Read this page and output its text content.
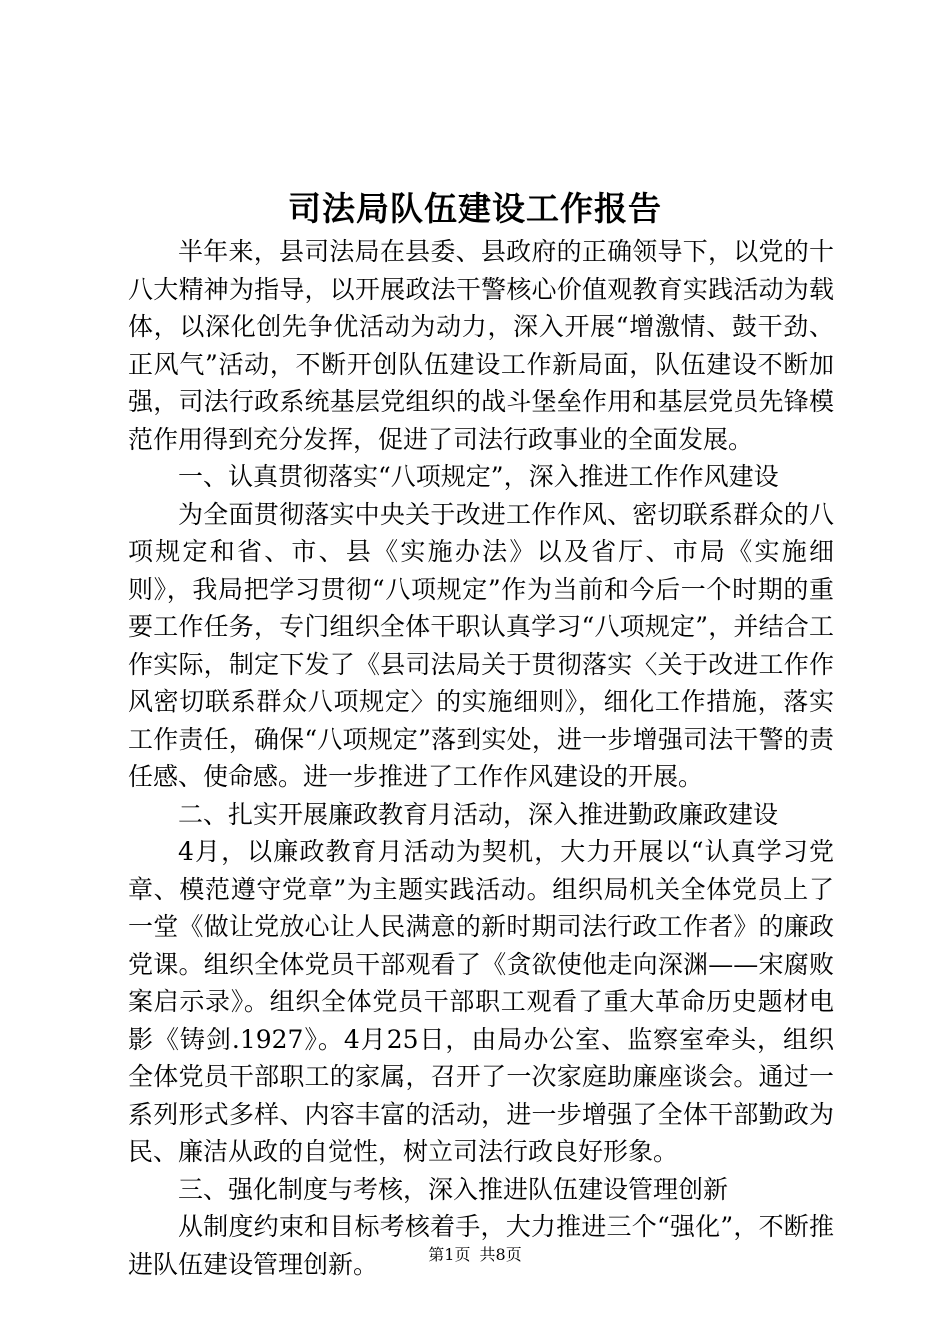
司法局队伍建设工作报告

半年来，县司法局在县委、县政府的正确领导下，以党的十八大精神为指导，以开展政法干警核心价值观教育实践活动为载体，以深化创先争优活动为动力，深入开展“增激情、鼓干劲、正风气”活动，不断开创队伍建设工作新局面，队伍建设不断加强，司法行政系统基层党组织的战斗堡垒作用和基层党员先锋模范作用得到充分发挥，促进了司法行政事业的全面发展。

一、认真贯彻落实“八项规定”，深入推进工作作风建设

为全面贯彻落实中央关于改进工作作风、密切联系群众的八项规定和省、市、县《实施办法》以及省厅、市局《实施细则》，我局把学习贯彻“八项规定”作为当前和今后一个时期的重要工作任务，专门组织全体干职认真学习“八项规定”，并结合工作实际，制定下发了《县司法局关于贯彻落实〈关于改进工作作风密切联系群众八项规定〉的实施细则》，细化工作措施，落实工作责任，确保“八项规定”落到实处，进一步增强司法干警的责任感、使命感。进一步推进了工作作风建设的开展。

二、扎实开展廉政教育月活动，深入推进勤政廉政建设

4月，以廉政教育月活动为契机，大力开展以“认真学习党章、模范遵守党章”为主题实践活动。组织局机关全体党员上了一堂《做让党放心让人民满意的新时期司法行政工作者》的廉政党课。组织全体党员干部观看了《贪欲使他走向深渊——宋腐败案启示录》。组织全体党员干部职工观看了重大革命历史题材电影《铸剑.1927》。4月25日，由局办公室、监察室牵头，组织全体党员干部职工的家属，召开了一次家庭助廉座谈会。通过一系列形式多样、内容丰富的活动，进一步增强了全体干部勤政为民、廉洁从政的自觉性，树立司法行政良好形象。

三、强化制度与考核，深入推进队伍建设管理创新

从制度约束和目标考核着手，大力推进三个“强化”，不断推进队伍建设管理创新。	第1页 共8页
